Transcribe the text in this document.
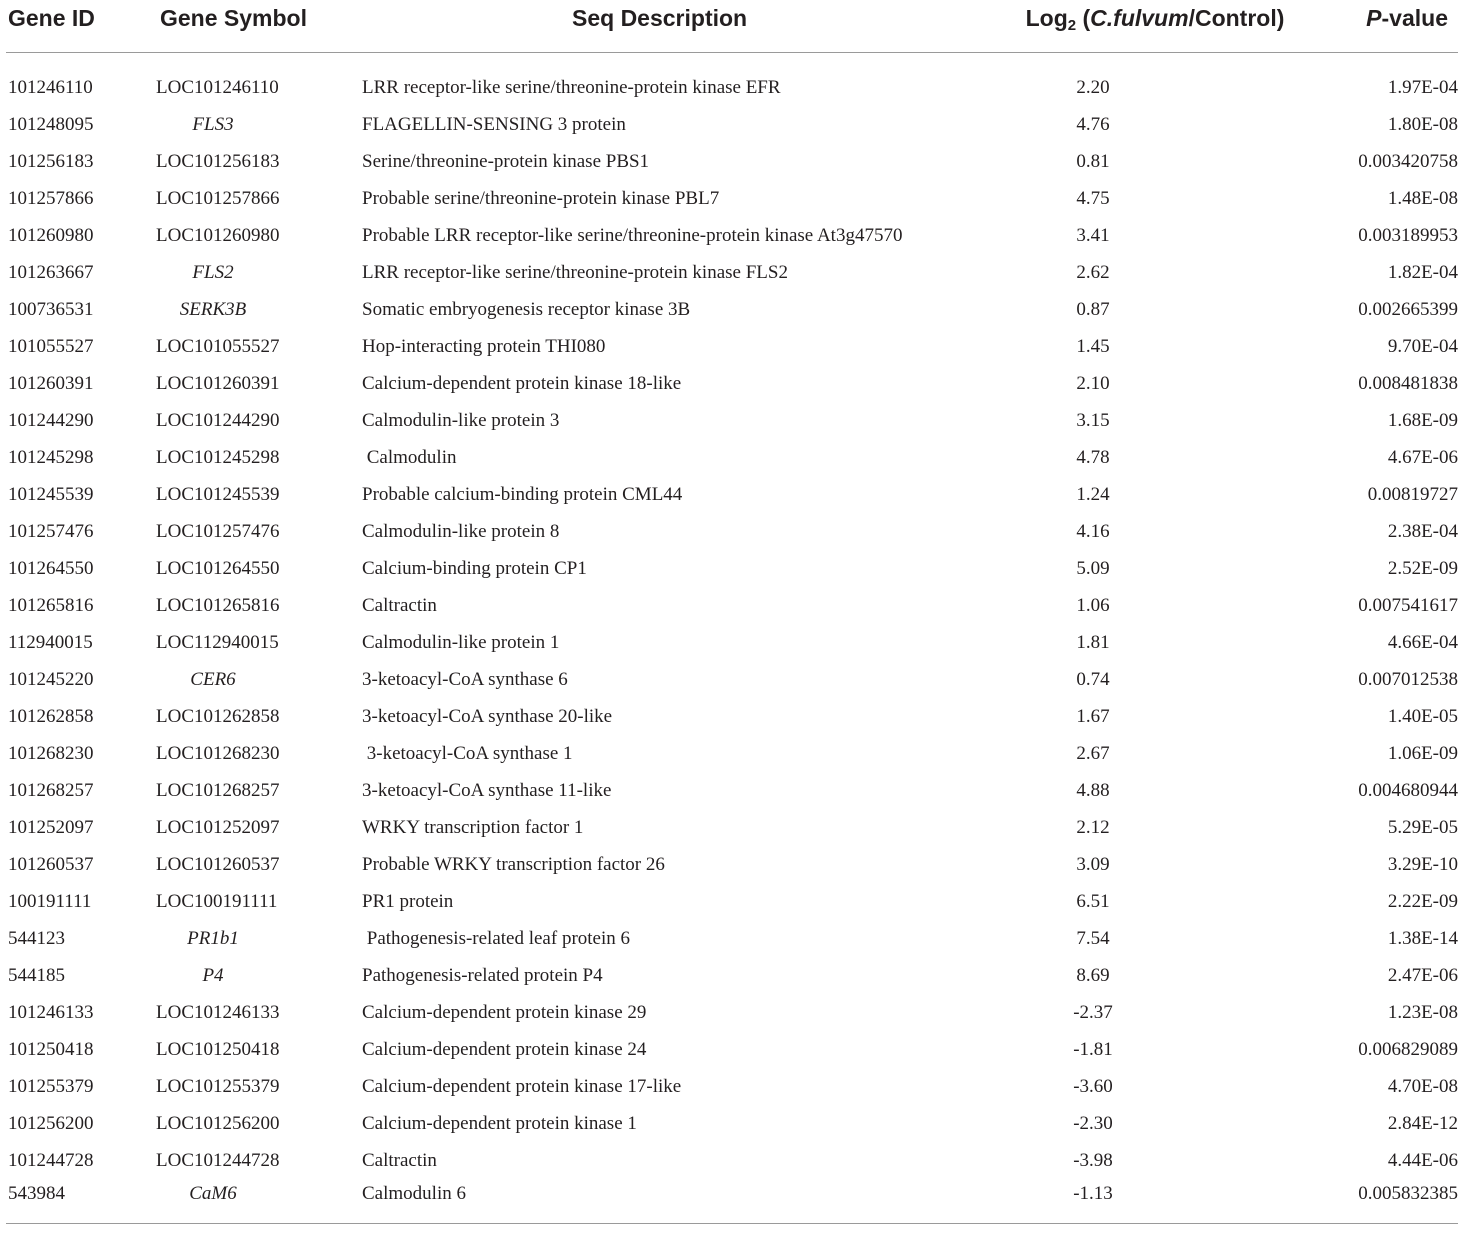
Gene ID	Gene Symbol	Seq Description	Log$_2$ (C.fulvum/Control)	P-value
101246110	LOC101246110	LRR receptor-like serine/threonine-protein kinase EFR	2.20	1.97E-04
101248095	FLS3	FLAGELLIN-SENSING 3 protein	4.76	1.80E-08
101256183	LOC101256183	Serine/threonine-protein kinase PBS1	0.81	0.003420758
101257866	LOC101257866	Probable serine/threonine-protein kinase PBL7	4.75	1.48E-08
101260980	LOC101260980	Probable LRR receptor-like serine/threonine-protein kinase At3g47570	3.41	0.003189953
101263667	FLS2	LRR receptor-like serine/threonine-protein kinase FLS2	2.62	1.82E-04
100736531	SERK3B	Somatic embryogenesis receptor kinase 3B	0.87	0.002665399
101055527	LOC101055527	Hop-interacting protein THI080	1.45	9.70E-04
101260391	LOC101260391	Calcium-dependent protein kinase 18-like	2.10	0.008481838
101244290	LOC101244290	Calmodulin-like protein 3	3.15	1.68E-09
101245298	LOC101245298	Calmodulin	4.78	4.67E-06
101245539	LOC101245539	Probable calcium-binding protein CML44	1.24	0.00819727
101257476	LOC101257476	Calmodulin-like protein 8	4.16	2.38E-04
101264550	LOC101264550	Calcium-binding protein CP1	5.09	2.52E-09
101265816	LOC101265816	Caltractin	1.06	0.007541617
112940015	LOC112940015	Calmodulin-like protein 1	1.81	4.66E-04
101245220	CER6	3-ketoacyl-CoA synthase 6	0.74	0.007012538
101262858	LOC101262858	3-ketoacyl-CoA synthase 20-like	1.67	1.40E-05
101268230	LOC101268230	3-ketoacyl-CoA synthase 1	2.67	1.06E-09
101268257	LOC101268257	3-ketoacyl-CoA synthase 11-like	4.88	0.004680944
101252097	LOC101252097	WRKY transcription factor 1	2.12	5.29E-05
101260537	LOC101260537	Probable WRKY transcription factor 26	3.09	3.29E-10
100191111	LOC100191111	PR1 protein	6.51	2.22E-09
544123	PR1b1	Pathogenesis-related leaf protein 6	7.54	1.38E-14
544185	P4	Pathogenesis-related protein P4	8.69	2.47E-06
101246133	LOC101246133	Calcium-dependent protein kinase 29	-2.37	1.23E-08
101250418	LOC101250418	Calcium-dependent protein kinase 24	-1.81	0.006829089
101255379	LOC101255379	Calcium-dependent protein kinase 17-like	-3.60	4.70E-08
101256200	LOC101256200	Calcium-dependent protein kinase 1	-2.30	2.84E-12
101244728	LOC101244728	Caltractin	-3.98	4.44E-06
543984	CaM6	Calmodulin 6	-1.13	0.005832385
